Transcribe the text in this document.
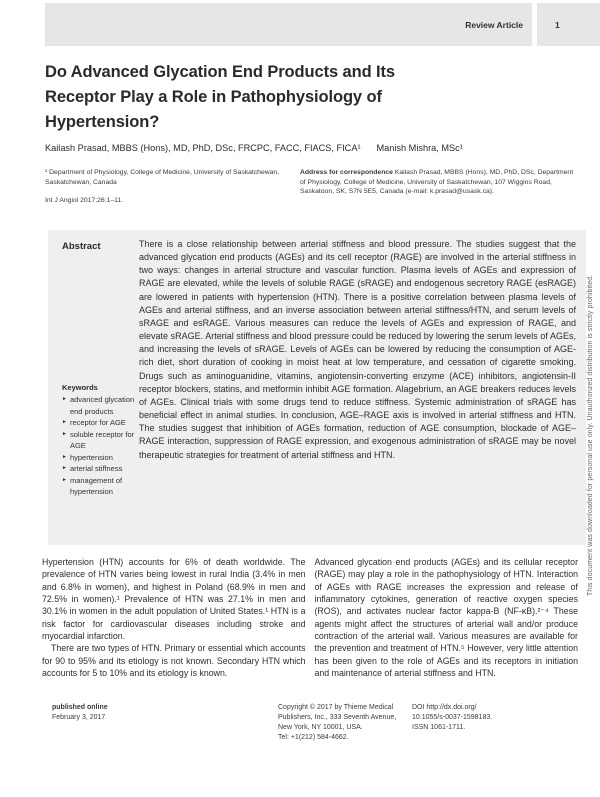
Review Article	1
Do Advanced Glycation End Products and Its Receptor Play a Role in Pathophysiology of Hypertension?
Kailash Prasad, MBBS (Hons), MD, PhD, DSc, FRCPC, FACC, FIACS, FICA¹ Manish Mishra, MSc¹
¹ Department of Physiology, College of Medicine, University of Saskatchewan, Saskatchewan, Canada
Int J Angiol 2017;26:1–11.
Address for correspondence Kailash Prasad, MBBS (Hons), MD, PhD, DSc, Department of Physiology, College of Medicine, University of Saskatchewan, 107 Wiggins Road, Saskatoon, SK, S7N 5E5, Canada (e-mail: k.prasad@usask.ca).
Abstract
Keywords
► advanced glycation end products
► receptor for AGE
► soluble receptor for AGE
► hypertension
► arterial stiffness
► management of hypertension
There is a close relationship between arterial stiffness and blood pressure. The studies suggest that the advanced glycation end products (AGEs) and its cell receptor (RAGE) are involved in the arterial stiffness in two ways: changes in arterial structure and vascular function. Plasma levels of AGEs and expression of RAGE are elevated, while the levels of soluble RAGE (sRAGE) and endogenous secretory RAGE (esRAGE) are lowered in patients with hypertension (HTN). There is a positive correlation between plasma levels of AGEs and arterial stiffness, and an inverse association between arterial stiffness/HTN, and serum levels of sRAGE and esRAGE. Various measures can reduce the levels of AGEs and expression of RAGE, and elevate sRAGE. Arterial stiffness and blood pressure could be reduced by lowering the serum levels of AGEs, and increasing the levels of sRAGE. Levels of AGEs can be lowered by reducing the consumption of AGE-rich diet, short duration of cooking in moist heat at low temperature, and cessation of cigarette smoking. Drugs such as aminoguanidine, vitamins, angiotensin-converting enzyme (ACE) inhibitors, angiotensin-II receptor blockers, statins, and metformin inhibit AGE formation. Alagebrium, an AGE breakers reduces levels of AGEs. Clinical trials with some drugs tend to reduce stiffness. Systemic administration of sRAGE has beneficial effect in animal studies. In conclusion, AGE–RAGE axis is involved in arterial stiffness and HTN. The studies suggest that inhibition of AGEs formation, reduction of AGE consumption, blockade of AGE–RAGE interaction, suppression of RAGE expression, and exogenous administration of sRAGE may be novel therapeutic strategies for treatment of arterial stiffness and HTN.

Hypertension (HTN) accounts for 6% of death worldwide. The prevalence of HTN varies being lowest in rural India (3.4% in men and 6.8% in women), and highest in Poland (68.9% in men and 72.5% in women).¹ Prevalence of HTN was 27.1% in men and 30.1% in women in the adult population of United States.¹ HTN is a risk factor for cardiovascular diseases including stroke and myocardial infarction.

There are two types of HTN. Primary or essential which accounts for 90 to 95% and its etiology is not known. Secondary HTN which accounts for 5 to 10% and its etiology is known.

Advanced glycation end products (AGEs) and its cellular receptor (RAGE) may play a role in the pathophysiology of HTN. Interaction of AGEs with RAGE increases the expression and release of inflammatory cytokines, generation of reactive oxygen species (ROS), and activates nuclear factor kappa-B (NF-κB).²⁻⁴ These agents might affect the structures of arterial wall and/or produce contraction of the arterial wall. Various measures are available for the prevention and treatment of HTN.⁵ However, very little attention has been given to the role of AGEs and its receptors in initiation and maintenance of arterial stiffness and HTN.

published online
February 3, 2017
Copyright © 2017 by Thieme Medical
Publishers, Inc., 333 Seventh Avenue,
New York, NY 10001, USA.
Tel: +1(212) 584-4662.
DOI http://dx.doi.org/
10.1055/s-0037-1598183.
ISSN 1061-1711.
This document was downloaded for personal use only. Unauthorized distribution is strictly prohibited.
